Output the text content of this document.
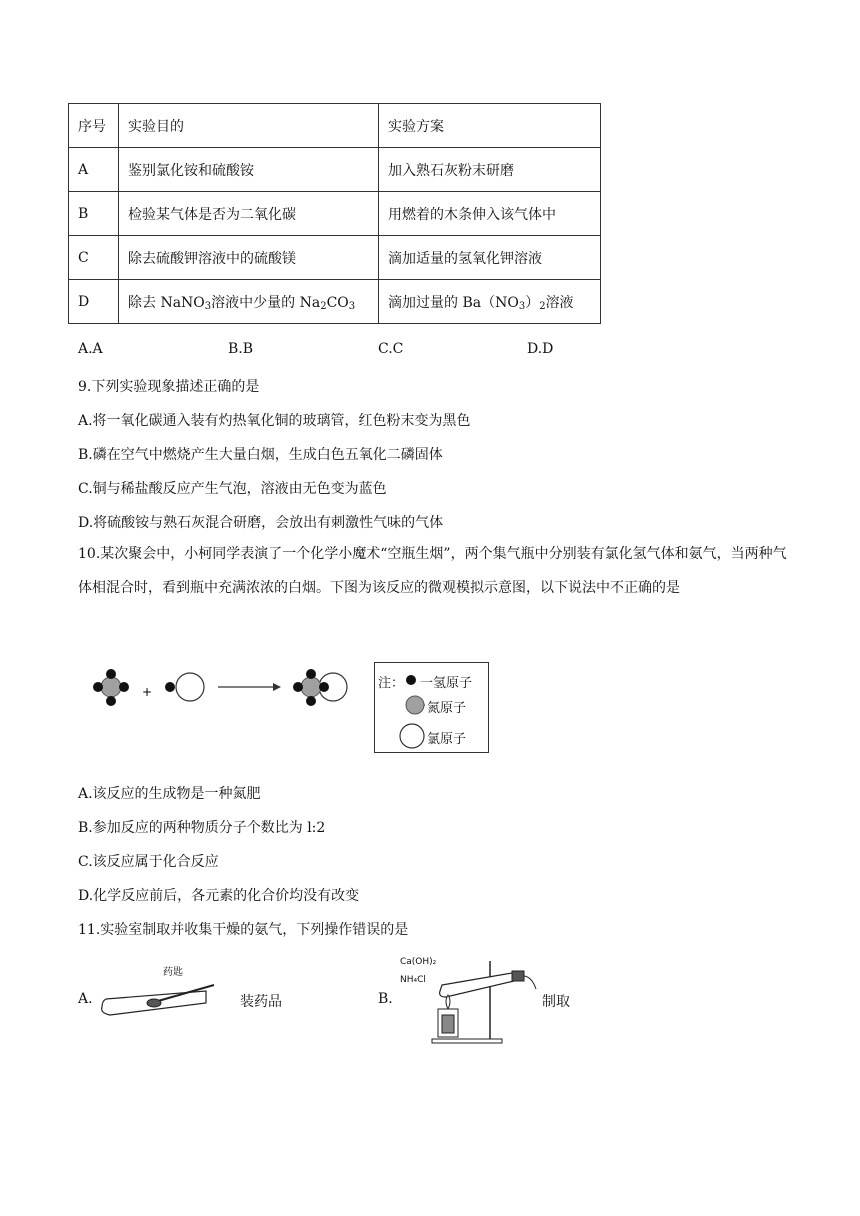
序号	实验目的	实验方案
A	鉴别氯化铵和硫酸铵	加入熟石灰粉末研磨
B	检验某气体是否为二氧化碳	用燃着的木条伸入该气体中
C	除去硫酸钾溶液中的硫酸镁	滴加适量的氢氧化钾溶液
D	除去 NaNO$_3$溶液中少量的 $Na_2CO_3$	滴加过量的 $Ba(NO_3)_2$溶液
A.A	B.B	C.C	D.D
9.下列实验现象描述正确的是
A.将一氧化碳通入装有灼热氧化铜的玻璃管，红色粉末变为黑色
B.磷在空气中燃烧产生大量白烟，生成白色五氧化二磷固体
C.铜与稀盐酸反应产生气泡，溶液由无色变为蓝色
D.将硫酸铵与熟石灰混合研磨，会放出有刺激性气味的气体
10.某次聚会中，小柯同学表演了一个化学小魔术“空瓶生烟”，两个集气瓶中分别装有氯化氢气体和氨气，当两种气体相混合时，看到瓶中充满浓浓的白烟。下图为该反应的微观模拟示意图，以下说法中不正确的是
+
注： 一氢原子
氮原子
氯原子
A.该反应的生成物是一种氮肥
B.参加反应的两种物质分子个数比为 l:2
C.该反应属于化合反应
D.化学反应前后，各元素的化合价均没有改变
11.实验室制取并收集干燥的氨气，下列操作错误的是
A.
药匙
装药品	B.
Ca(OH)₂
NH₄Cl
制取
